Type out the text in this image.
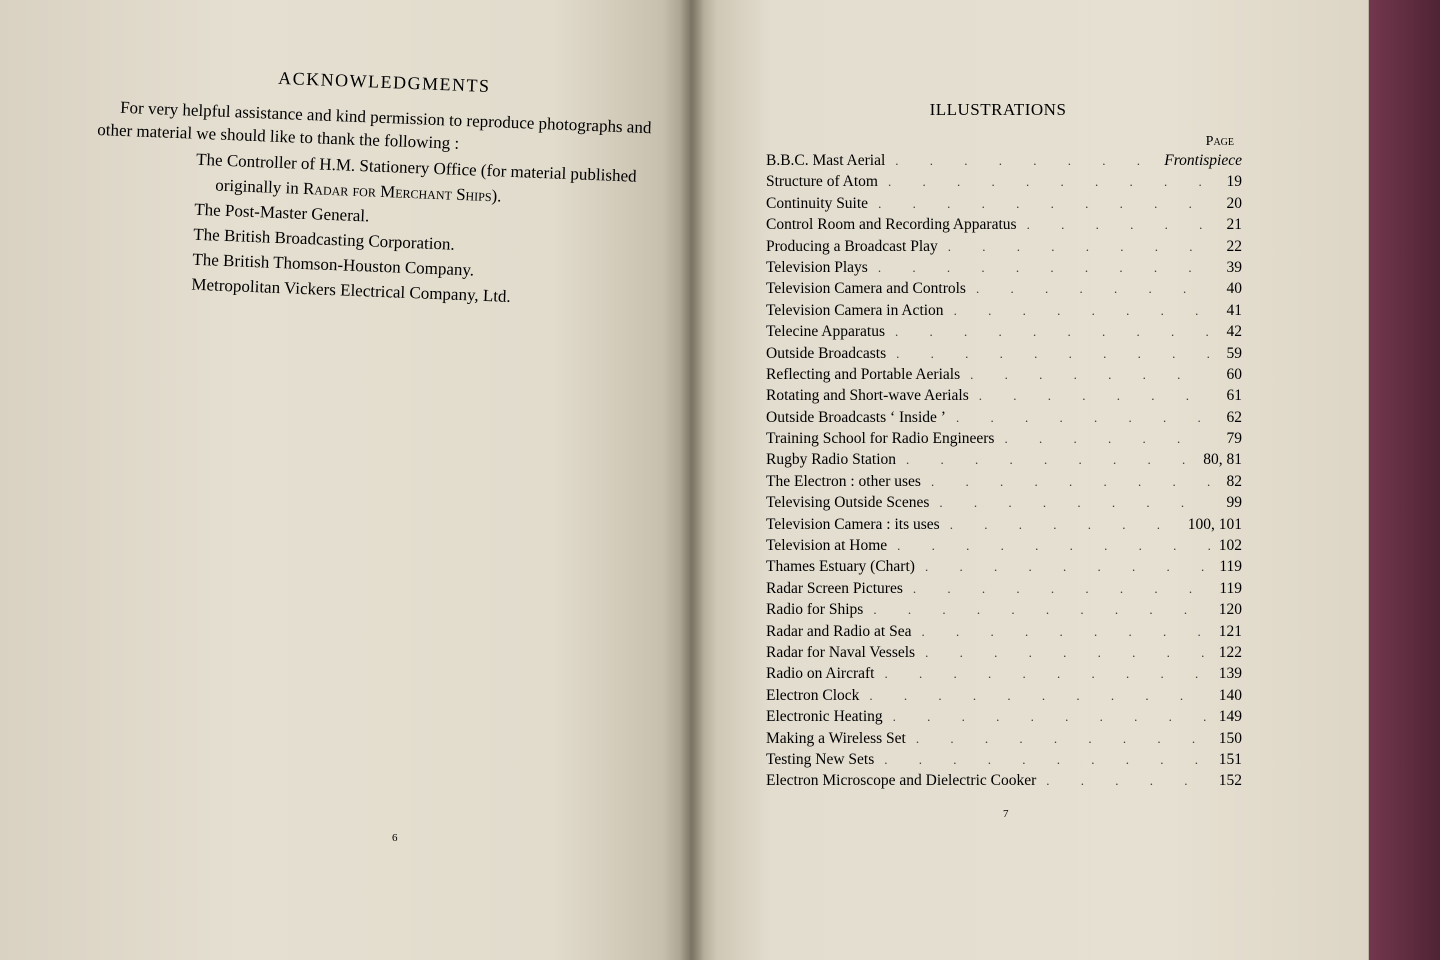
ACKNOWLEDGMENTS

For very helpful assistance and kind permission to reproduce photographs and other material we should like to thank the following :

The Controller of H.M. Stationery Office (for material published originally in Radar for Merchant Ships).
The Post-Master General.
The British Broadcasting Corporation.
The British Thomson-Houston Company.
Metropolitan Vickers Electrical Company, Ltd.
6
ILLUSTRATIONS
Page
B.B.C. Mast Aerial . . .	Frontispiece
Structure of Atom . . .	19
Continuity Suite . . .	20
Control Room and Recording Apparatus . . .	21
Producing a Broadcast Play . . .	22
Television Plays . . .	39
Television Camera and Controls . . .	40
Television Camera in Action . . .	41
Telecine Apparatus . . .	42
Outside Broadcasts . . .	59
Reflecting and Portable Aerials . . .	60
Rotating and Short-wave Aerials . . .	61
Outside Broadcasts ‘ Inside ’ . . .	62
Training School for Radio Engineers . . .	79
Rugby Radio Station . . .	80, 81
The Electron : other uses . . .	82
Televising Outside Scenes . . .	99
Television Camera : its uses . . .	100, 101
Television at Home . . .	102
Thames Estuary (Chart) . . .	119
Radar Screen Pictures . . .	119
Radio for Ships . . .	120
Radar and Radio at Sea . . .	121
Radar for Naval Vessels . . .	122
Radio on Aircraft . . .	139
Electron Clock . . .	140
Electronic Heating . . .	149
Making a Wireless Set . . .	150
Testing New Sets . . .	151
Electron Microscope and Dielectric Cooker . . .	152
7
